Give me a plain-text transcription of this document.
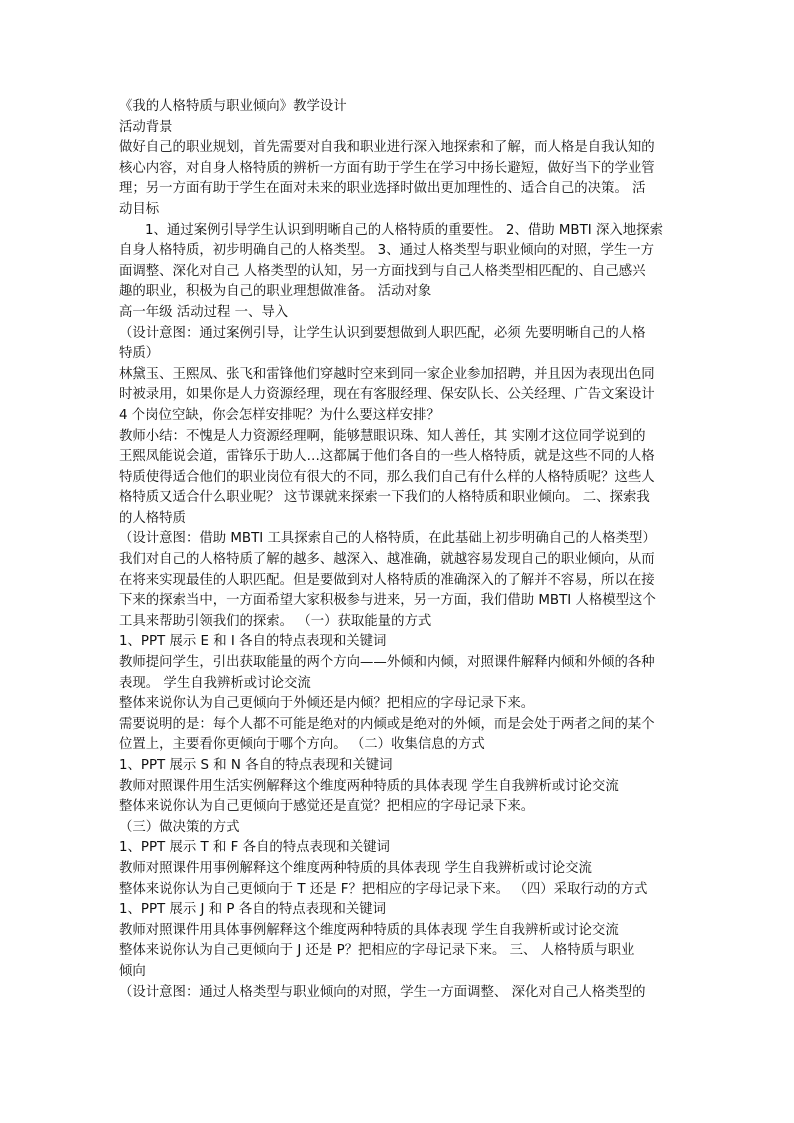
《我的人格特质与职业倾向》教学设计
活动背景
做好自己的职业规划，首先需要对自我和职业进行深入地探索和了解，而人格是自我认知的
核心内容，对自身人格特质的辨析一方面有助于学生在学习中扬长避短，做好当下的学业管
理；另一方面有助于学生在面对未来的职业选择时做出更加理性的、适合自己的决策。 活
动目标
1、通过案例引导学生认识到明晰自己的人格特质的重要性。 2、借助 MBTI 深入地探索
自身人格特质，初步明确自己的人格类型。 3、通过人格类型与职业倾向的对照，学生一方
面调整、深化对自己 人格类型的认知，另一方面找到与自己人格类型相匹配的、自己感兴
趣的职业，积极为自己的职业理想做准备。 活动对象
高一年级 活动过程 一、导入
（设计意图：通过案例引导，让学生认识到要想做到人职匹配，必须 先要明晰自己的人格
特质）
林黛玉、王熙凤、张飞和雷锋他们穿越时空来到同一家企业参加招聘，并且因为表现出色同
时被录用，如果你是人力资源经理，现在有客服经理、保安队长、公关经理、广告文案设计
4 个岗位空缺，你会怎样安排呢？为什么要这样安排？
教师小结：不愧是人力资源经理啊，能够慧眼识珠、知人善任，其 实刚才这位同学说到的
王熙凤能说会道，雷锋乐于助人…这都属于他们各自的一些人格特质，就是这些不同的人格
特质使得适合他们的职业岗位有很大的不同，那么我们自己有什么样的人格特质呢？这些人
格特质又适合什么职业呢？ 这节课就来探索一下我们的人格特质和职业倾向。 二、探索我
的人格特质
（设计意图：借助 MBTI 工具探索自己的人格特质，在此基础上初步明确自己的人格类型）
我们对自己的人格特质了解的越多、越深入、越准确，就越容易发现自己的职业倾向，从而
在将来实现最佳的人职匹配。但是要做到对人格特质的准确深入的了解并不容易，所以在接
下来的探索当中，一方面希望大家积极参与进来，另一方面，我们借助 MBTI 人格模型这个
工具来帮助引领我们的探索。 （一）获取能量的方式
1、PPT 展示 E 和 I 各自的特点表现和关键词
教师提问学生，引出获取能量的两个方向——外倾和内倾，对照课件解释内倾和外倾的各种
表现。 学生自我辨析或讨论交流
整体来说你认为自己更倾向于外倾还是内倾？把相应的字母记录下来。
需要说明的是：每个人都不可能是绝对的内倾或是绝对的外倾，而是会处于两者之间的某个
位置上，主要看你更倾向于哪个方向。 （二）收集信息的方式
1、PPT 展示 S 和 N 各自的特点表现和关键词
教师对照课件用生活实例解释这个维度两种特质的具体表现 学生自我辨析或讨论交流
整体来说你认为自己更倾向于感觉还是直觉？把相应的字母记录下来。
（三）做决策的方式
1、PPT 展示 T 和 F 各自的特点表现和关键词
教师对照课件用事例解释这个维度两种特质的具体表现 学生自我辨析或讨论交流
整体来说你认为自己更倾向于 T 还是 F？把相应的字母记录下来。 （四）采取行动的方式
1、PPT 展示 J 和 P 各自的特点表现和关键词
教师对照课件用具体事例解释这个维度两种特质的具体表现 学生自我辨析或讨论交流
整体来说你认为自己更倾向于 J 还是 P？把相应的字母记录下来。 三、 人格特质与职业
倾向
（设计意图：通过人格类型与职业倾向的对照，学生一方面调整、 深化对自己人格类型的
